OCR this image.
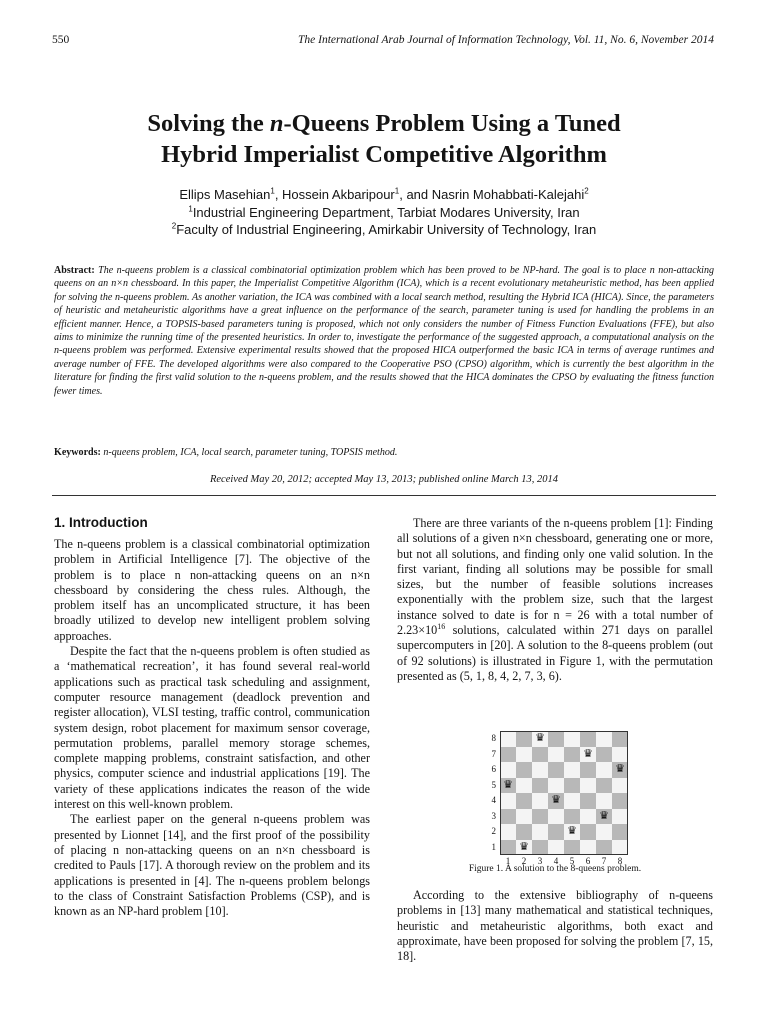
550	The International Arab Journal of Information Technology, Vol. 11, No. 6, November 2014
Solving the n-Queens Problem Using a Tuned
Hybrid Imperialist Competitive Algorithm
Ellips Masehian$^1$, Hossein Akbaripour$^1$, and Nasrin Mohabbati-Kalejahi$^2$
$^1$Industrial Engineering Department, Tarbiat Modares University, Iran
$^2$Faculty of Industrial Engineering, Amirkabir University of Technology, Iran
Abstract: The n-queens problem is a classical combinatorial optimization problem which has been proved to be NP-hard. The goal is to place n non-attacking queens on an n×n chessboard. In this paper, the Imperialist Competitive Algorithm (ICA), which is a recent evolutionary metaheuristic method, has been applied for solving the n-queens problem. As another variation, the ICA was combined with a local search method, resulting the Hybrid ICA (HICA). Since, the parameters of heuristic and metaheuristic algorithms have a great influence on the performance of the search, parameter tuning is used for handling the problems in an efficient manner. Hence, a TOPSIS-based parameters tuning is proposed, which not only considers the number of Fitness Function Evaluations (FFE), but also aims to minimize the running time of the presented heuristics. In order to, investigate the performance of the suggested approach, a computational analysis on the n-queens problem was performed. Extensive experimental results showed that the proposed HICA outperformed the basic ICA in terms of average runtimes and average number of FFE. The developed algorithms were also compared to the Cooperative PSO (CPSO) algorithm, which is currently the best algorithm in the literature for finding the first valid solution to the n-queens problem, and the results showed that the HICA dominates the CPSO by evaluating the fitness function fewer times.
Keywords: n-queens problem, ICA, local search, parameter tuning, TOPSIS method.
Received May 20, 2012; accepted May 13, 2013; published online March 13, 2014
1. Introduction

The n-queens problem is a classical combinatorial optimization problem in Artificial Intelligence [7]. The objective of the problem is to place n non-attacking queens on an n×n chessboard by considering the chess rules. Although, the problem itself has an uncomplicated structure, it has been broadly utilized to develop new intelligent problem solving approaches.

Despite the fact that the n-queens problem is often studied as a ‘mathematical recreation’, it has found several real-world applications such as practical task scheduling and assignment, computer resource management (deadlock prevention and register allocation), VLSI testing, traffic control, communication system design, robot placement for maximum sensor coverage, permutation problems, parallel memory storage schemes, complete mapping problems, constraint satisfaction, and other physics, computer science and industrial applications [19]. The variety of these applications indicates the reason of the wide interest on this well-known problem.

The earliest paper on the general n-queens problem was presented by Lionnet [14], and the first proof of the possibility of placing n non-attacking queens on an n×n chessboard is credited to Pauls [17]. A thorough review on the problem and its applications is presented in [4]. The n-queens problem belongs to the class of Constraint Satisfaction Problems (CSP), and is known as an NP-hard problem [10].

There are three variants of the n-queens problem [1]: Finding all solutions of a given n×n chessboard, generating one or more, but not all solutions, and finding only one valid solution. In the first variant, finding all solutions may be possible for small sizes, but the number of feasible solutions increases exponentially with the problem size, such that the largest instance solved to date is for n = 26 with a total number of $2.23\times 10^{16}$ solutions, calculated within 271 days on parallel supercomputers in [20]. A solution to the 8-queens problem (out of 92 solutions) is illustrated in Figure 1, with the permutation presented as (5, 1, 8, 4, 2, 7, 3, 6).

♛
♛
♛
♛
♛
♛
♛
♛
8
7
6
5
4
3
2
1
1	2	3	4	5	6	7	8
Figure 1. A solution to the 8-queens problem.

According to the extensive bibliography of n-queens problems in [13] many mathematical and statistical techniques, heuristic and metaheuristic algorithms, both exact and approximate, have been proposed for solving the problem [7, 15, 18].
